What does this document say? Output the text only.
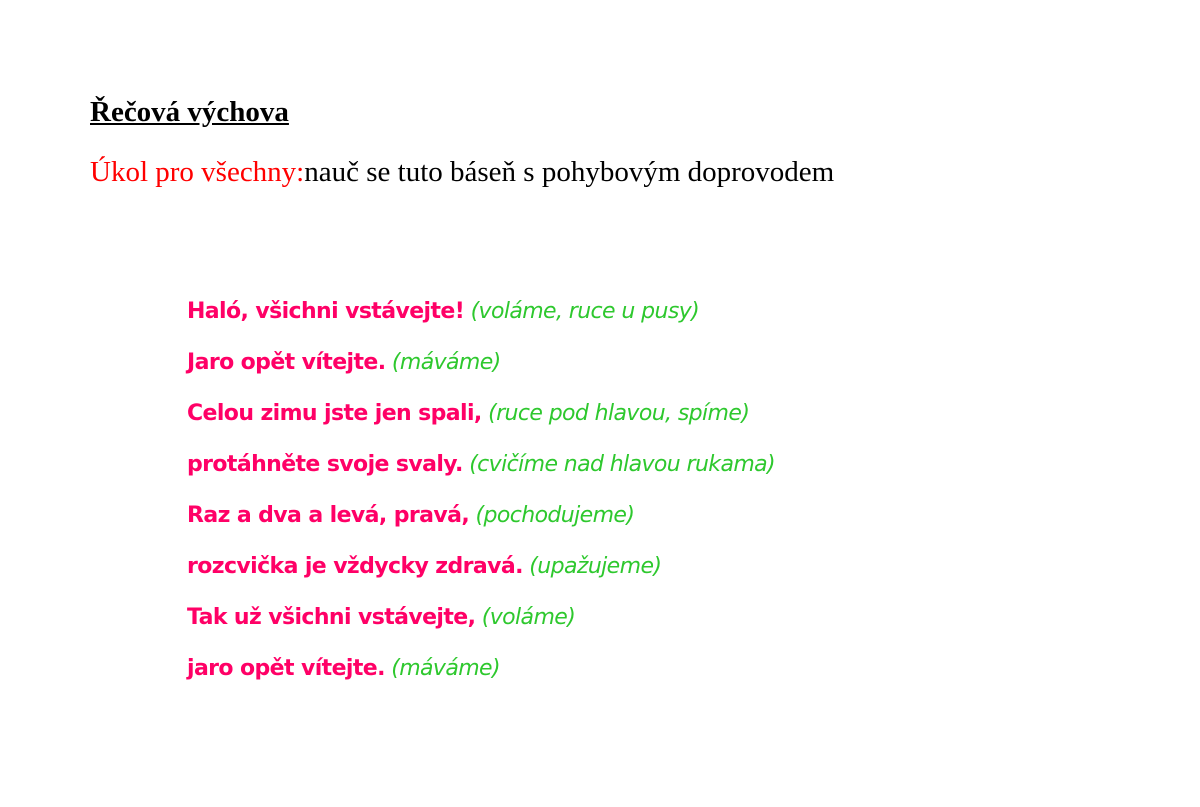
Řečová výchova
Úkol pro všechny:nauč se tuto báseň s pohybovým doprovodem
Haló, všichni vstávejte! (voláme, ruce u pusy)
Jaro opět vítejte. (máváme)
Celou zimu jste jen spali, (ruce pod hlavou, spíme)
protáhněte svoje svaly. (cvičíme nad hlavou rukama)
Raz a dva a levá, pravá, (pochodujeme)
rozcvička je vždycky zdravá. (upažujeme)
Tak už všichni vstávejte, (voláme)
jaro opět vítejte. (máváme)
